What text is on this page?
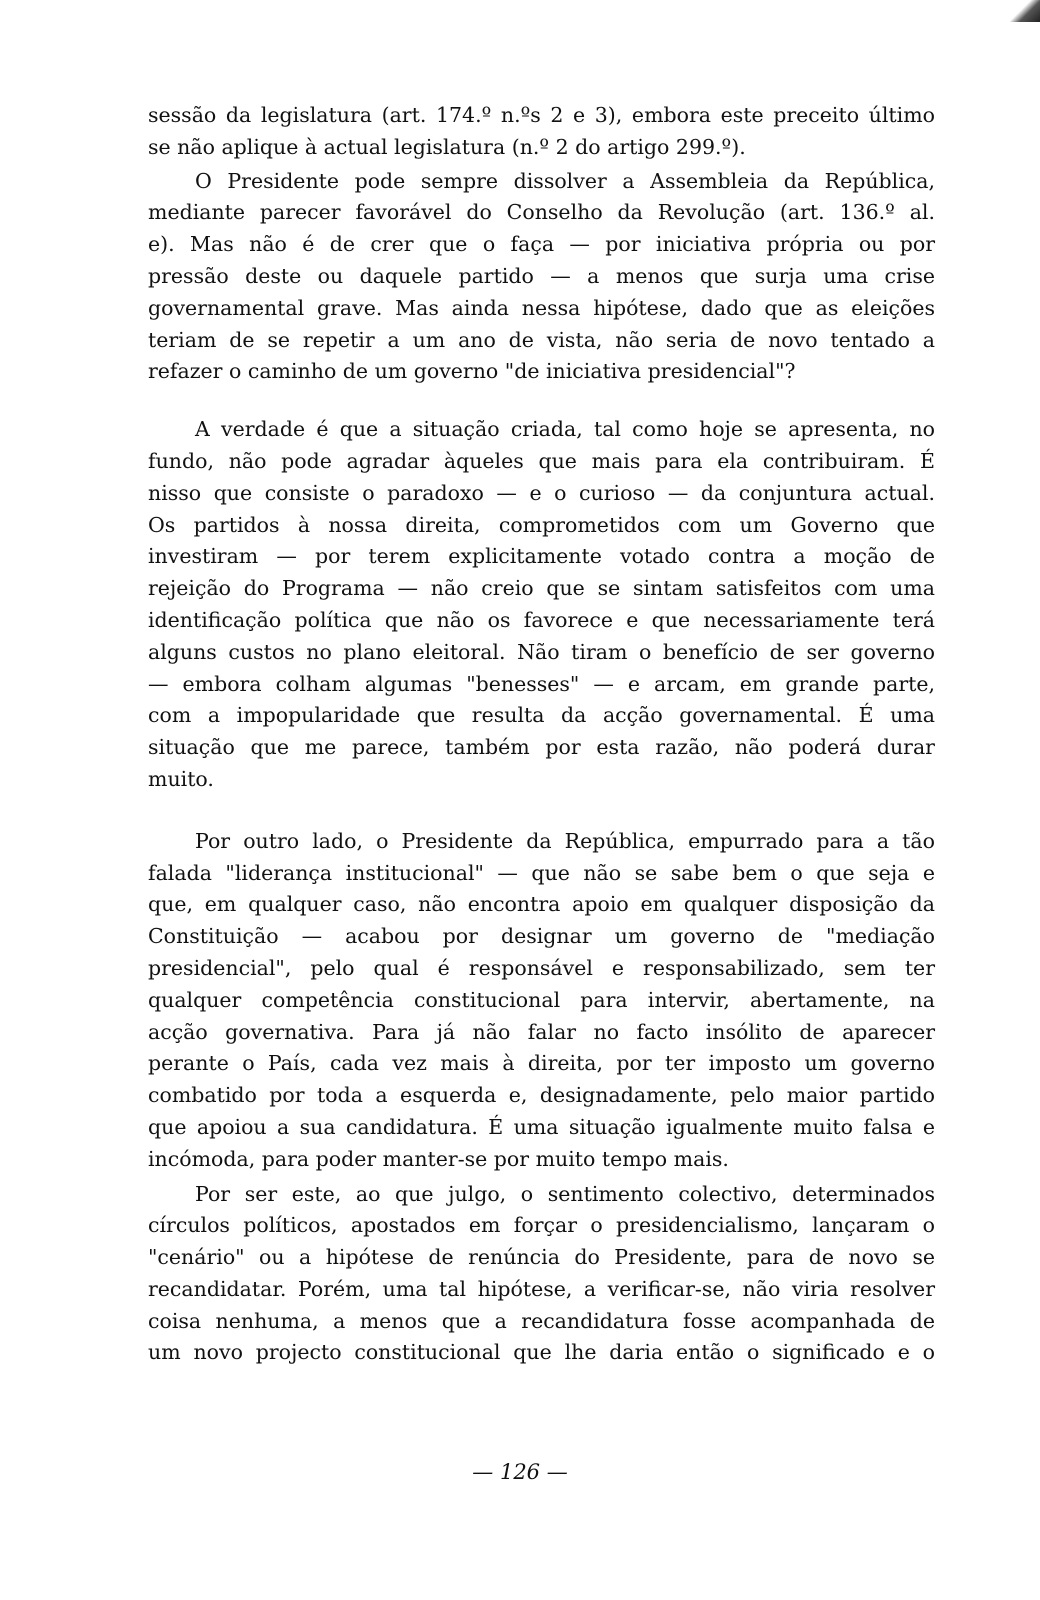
sessão da legislatura (art. 174.º n.ºs 2 e 3), embora este preceito último
se não aplique à actual legislatura (n.º 2 do artigo 299.º).
O Presidente pode sempre dissolver a Assembleia da República,
mediante parecer favorável do Conselho da Revolução (art. 136.º al.
e). Mas não é de crer que o faça — por iniciativa própria ou por
pressão deste ou daquele partido — a menos que surja uma crise
governamental grave. Mas ainda nessa hipótese, dado que as eleições
teriam de se repetir a um ano de vista, não seria de novo tentado a
refazer o caminho de um governo "de iniciativa presidencial"?
A verdade é que a situação criada, tal como hoje se apresenta, no
fundo, não pode agradar àqueles que mais para ela contribuiram. É
nisso que consiste o paradoxo — e o curioso — da conjuntura actual.
Os partidos à nossa direita, comprometidos com um Governo que
investiram — por terem explicitamente votado contra a moção de
rejeição do Programa — não creio que se sintam satisfeitos com uma
identificação política que não os favorece e que necessariamente terá
alguns custos no plano eleitoral. Não tiram o benefício de ser governo
— embora colham algumas "benesses" — e arcam, em grande parte,
com a impopularidade que resulta da acção governamental. É uma
situação que me parece, também por esta razão, não poderá durar
muito.
Por outro lado, o Presidente da República, empurrado para a tão
falada "liderança institucional" — que não se sabe bem o que seja e
que, em qualquer caso, não encontra apoio em qualquer disposição da
Constituição — acabou por designar um governo de "mediação
presidencial", pelo qual é responsável e responsabilizado, sem ter
qualquer competência constitucional para intervir, abertamente, na
acção governativa. Para já não falar no facto insólito de aparecer
perante o País, cada vez mais à direita, por ter imposto um governo
combatido por toda a esquerda e, designadamente, pelo maior partido
que apoiou a sua candidatura. É uma situação igualmente muito falsa e
incómoda, para poder manter-se por muito tempo mais.
Por ser este, ao que julgo, o sentimento colectivo, determinados
círculos políticos, apostados em forçar o presidencialismo, lançaram o
"cenário" ou a hipótese de renúncia do Presidente, para de novo se
recandidatar. Porém, uma tal hipótese, a verificar-se, não viria resolver
coisa nenhuma, a menos que a recandidatura fosse acompanhada de
um novo projecto constitucional que lhe daria então o significado e o
— 126 —
